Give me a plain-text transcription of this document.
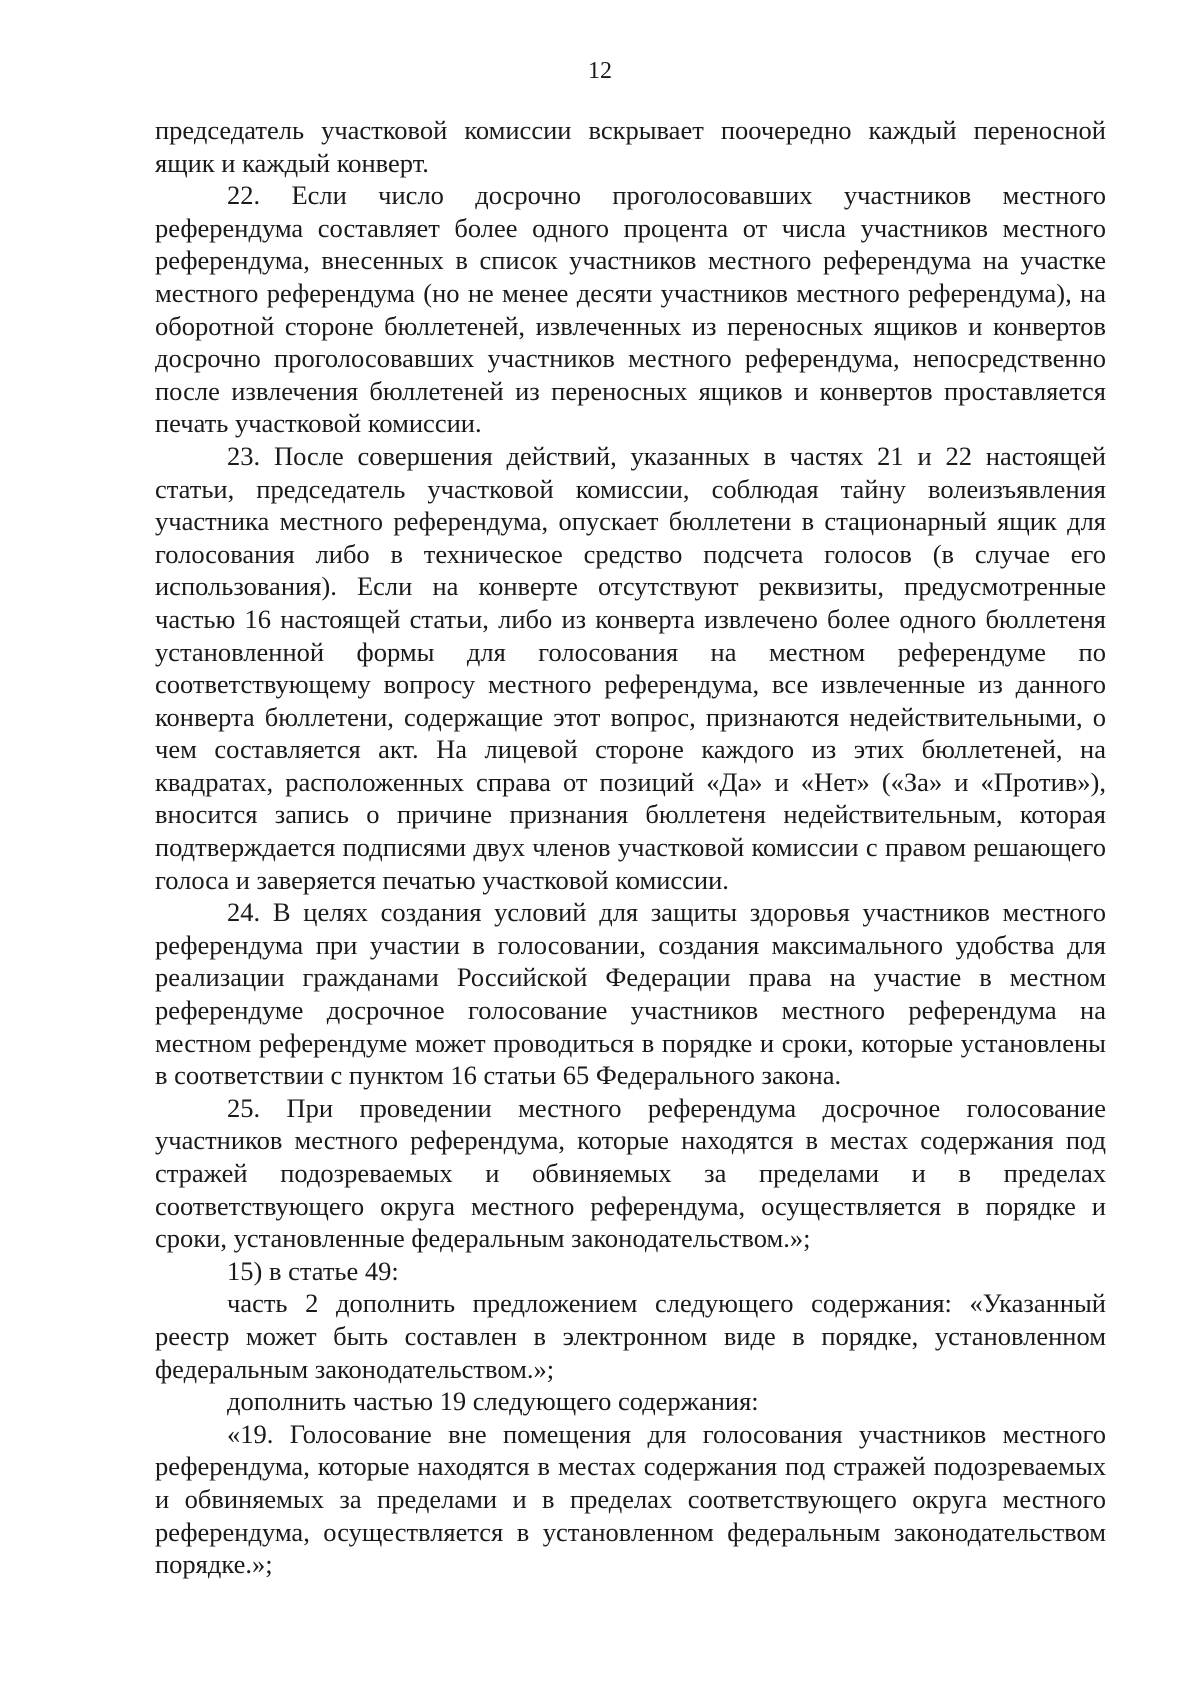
12

председатель участковой комиссии вскрывает поочередно каждый переносной ящик и каждый конверт.

22. Если число досрочно проголосовавших участников местного референдума составляет более одного процента от числа участников местного референдума, внесенных в список участников местного референдума на участке местного референдума (но не менее десяти участников местного референдума), на оборотной стороне бюллетеней, извлеченных из переносных ящиков и конвертов досрочно проголосовавших участников местного референдума, непосредственно после извлечения бюллетеней из переносных ящиков и конвертов проставляется печать участковой комиссии.

23. После совершения действий, указанных в частях 21 и 22 настоящей статьи, председатель участковой комиссии, соблюдая тайну волеизъявления участника местного референдума, опускает бюллетени в стационарный ящик для голосования либо в техническое средство подсчета голосов (в случае его использования). Если на конверте отсутствуют реквизиты, предусмотренные частью 16 настоящей статьи, либо из конверта извлечено более одного бюллетеня установленной формы для голосования на местном референдуме по соответствующему вопросу местного референдума, все извлеченные из данного конверта бюллетени, содержащие этот вопрос, признаются недействительными, о чем составляется акт. На лицевой стороне каждого из этих бюллетеней, на квадратах, расположенных справа от позиций «Да» и «Нет» («За» и «Против»), вносится запись о причине признания бюллетеня недействительным, которая подтверждается подписями двух членов участковой комиссии с правом решающего голоса и заверяется печатью участковой комиссии.

24. В целях создания условий для защиты здоровья участников местного референдума при участии в голосовании, создания максимального удобства для реализации гражданами Российской Федерации права на участие в местном референдуме досрочное голосование участников местного референдума на местном референдуме может проводиться в порядке и сроки, которые установлены в соответствии с пунктом 16 статьи 65 Федерального закона.

25. При проведении местного референдума досрочное голосование участников местного референдума, которые находятся в местах содержания под стражей подозреваемых и обвиняемых за пределами и в пределах соответствующего округа местного референдума, осуществляется в порядке и сроки, установленные федеральным законодательством.»;

15) в статье 49:

часть 2 дополнить предложением следующего содержания: «Указанный реестр может быть составлен в электронном виде в порядке, установленном федеральным законодательством.»;

дополнить частью 19 следующего содержания:

«19. Голосование вне помещения для голосования участников местного референдума, которые находятся в местах содержания под стражей подозреваемых и обвиняемых за пределами и в пределах соответствующего округа местного референдума, осуществляется в установленном федеральным законодательством порядке.»;
